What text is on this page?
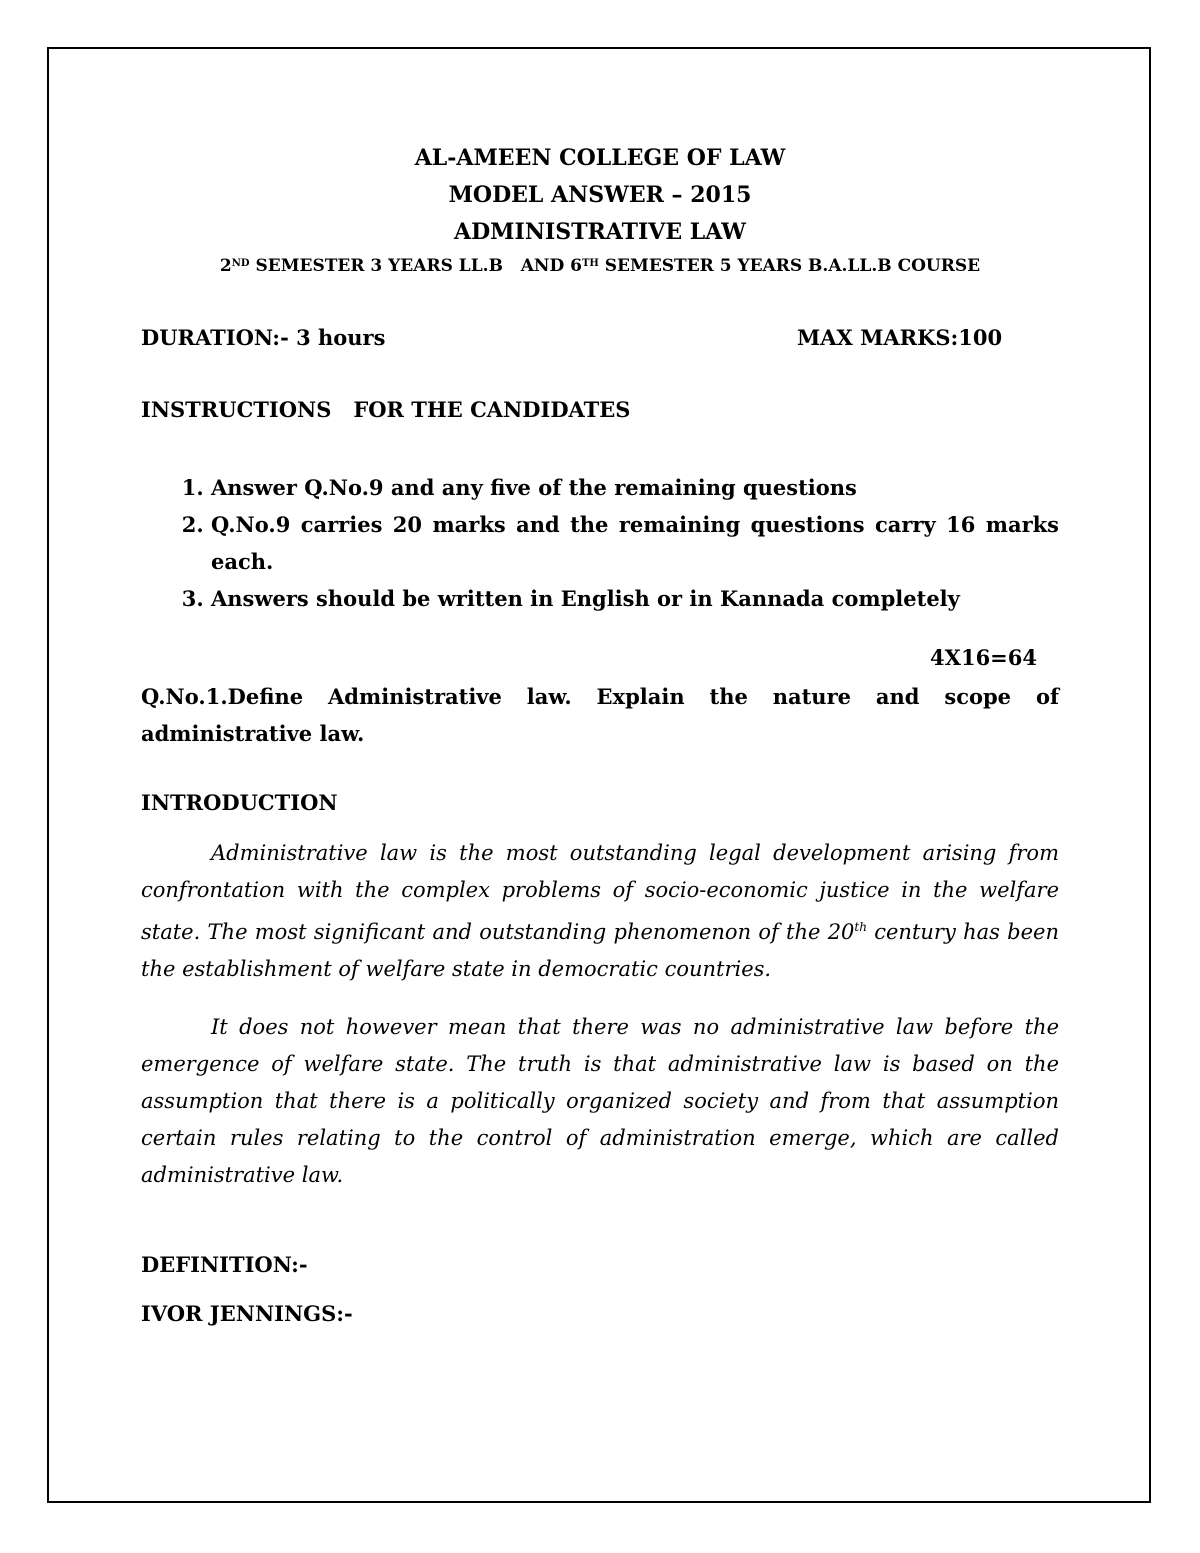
AL-AMEEN COLLEGE OF LAW
MODEL ANSWER – 2015
ADMINISTRATIVE LAW
2ND SEMESTER 3 YEARS LL.B   AND 6TH SEMESTER 5 YEARS B.A.LL.B COURSE
DURATION:- 3 hours	MAX MARKS:100
INSTRUCTIONS   FOR THE CANDIDATES
1. Answer Q.No.9 and any five of the remaining questions
2. Q.No.9 carries 20 marks and the remaining questions carry 16 marks each.
3. Answers should be written in English or in Kannada completely
4X16=64
Q.No.1.Define Administrative law. Explain the nature and scope of administrative law.
INTRODUCTION

Administrative law is the most outstanding legal development arising from confrontation with the complex problems of socio-economic justice in the welfare state. The most significant and outstanding phenomenon of the 20th century has been the establishment of welfare state in democratic countries.

It does not however mean that there was no administrative law before the emergence of welfare state. The truth is that administrative law is based on the assumption that there is a politically organized society and from that assumption certain rules relating to the control of administration emerge, which are called administrative law.

DEFINITION:-
IVOR JENNINGS:-
